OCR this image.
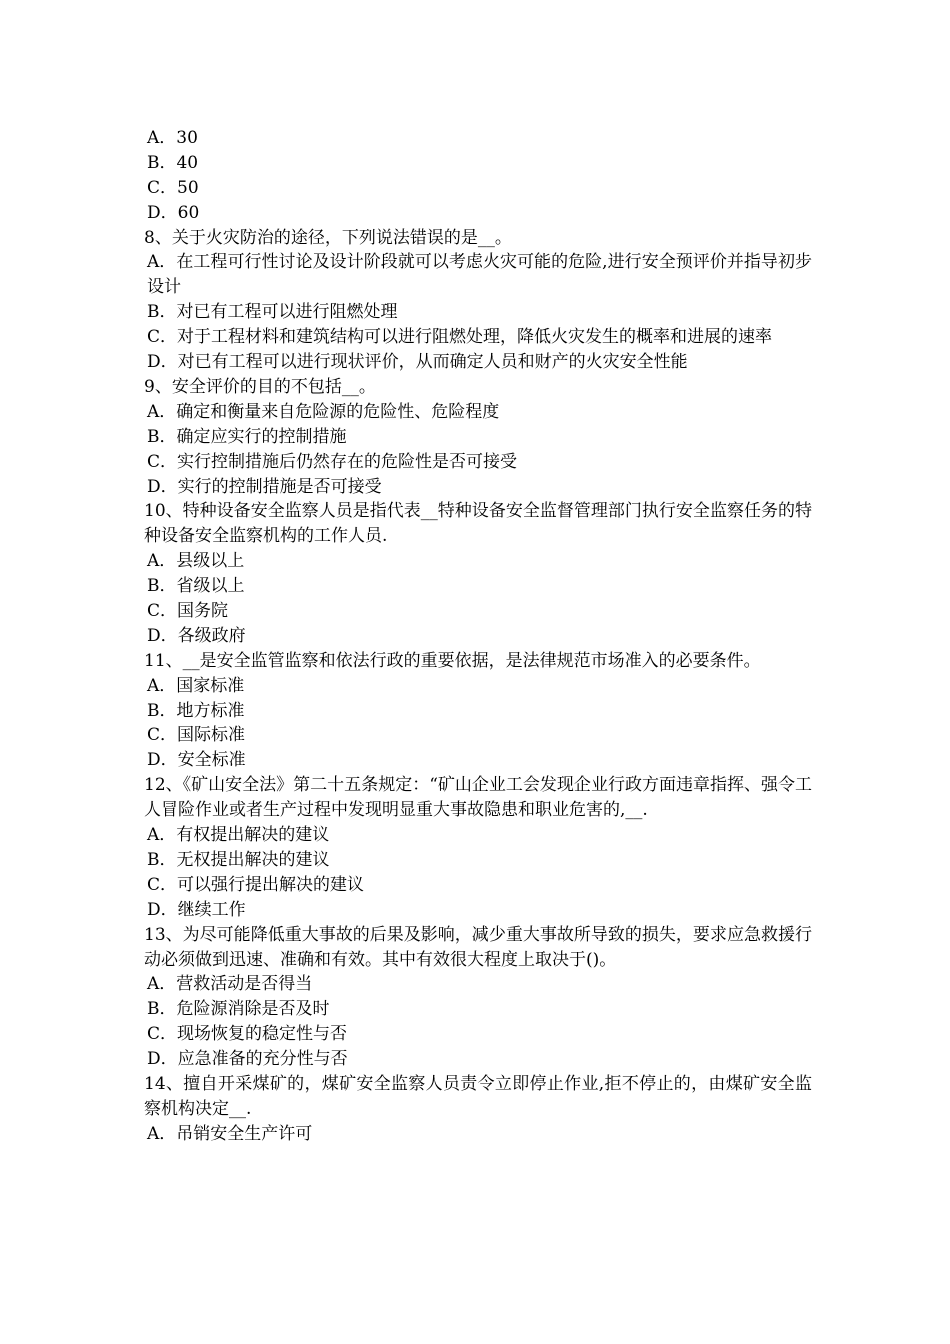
A．30
B．40
C．50
D．60
8、关于火灾防治的途径，下列说法错误的是__。
A．在工程可行性讨论及设计阶段就可以考虑火灾可能的危险,进行安全预评价并指导初步设计
B．对已有工程可以进行阻燃处理
C．对于工程材料和建筑结构可以进行阻燃处理，降低火灾发生的概率和进展的速率
D．对已有工程可以进行现状评价，从而确定人员和财产的火灾安全性能
9、安全评价的目的不包括__。
A．确定和衡量来自危险源的危险性、危险程度
B．确定应实行的控制措施
C．实行控制措施后仍然存在的危险性是否可接受
D．实行的控制措施是否可接受
10、特种设备安全监察人员是指代表__特种设备安全监督管理部门执行安全监察任务的特种设备安全监察机构的工作人员.
A．县级以上
B．省级以上
C．国务院
D．各级政府
11、__是安全监管监察和依法行政的重要依据，是法律规范市场准入的必要条件。
A．国家标准
B．地方标准
C．国际标准
D．安全标准
12、《矿山安全法》第二十五条规定：“矿山企业工会发现企业行政方面违章指挥、强令工人冒险作业或者生产过程中发现明显重大事故隐患和职业危害的,__.
A．有权提出解决的建议
B．无权提出解决的建议
C．可以强行提出解决的建议
D．继续工作
13、为尽可能降低重大事故的后果及影响，减少重大事故所导致的损失，要求应急救援行动必须做到迅速、准确和有效。其中有效很大程度上取决于()。
A．营救活动是否得当
B．危险源消除是否及时
C．现场恢复的稳定性与否
D．应急准备的充分性与否
14、擅自开采煤矿的，煤矿安全监察人员责令立即停止作业,拒不停止的，由煤矿安全监察机构决定__.
A．吊销安全生产许可
